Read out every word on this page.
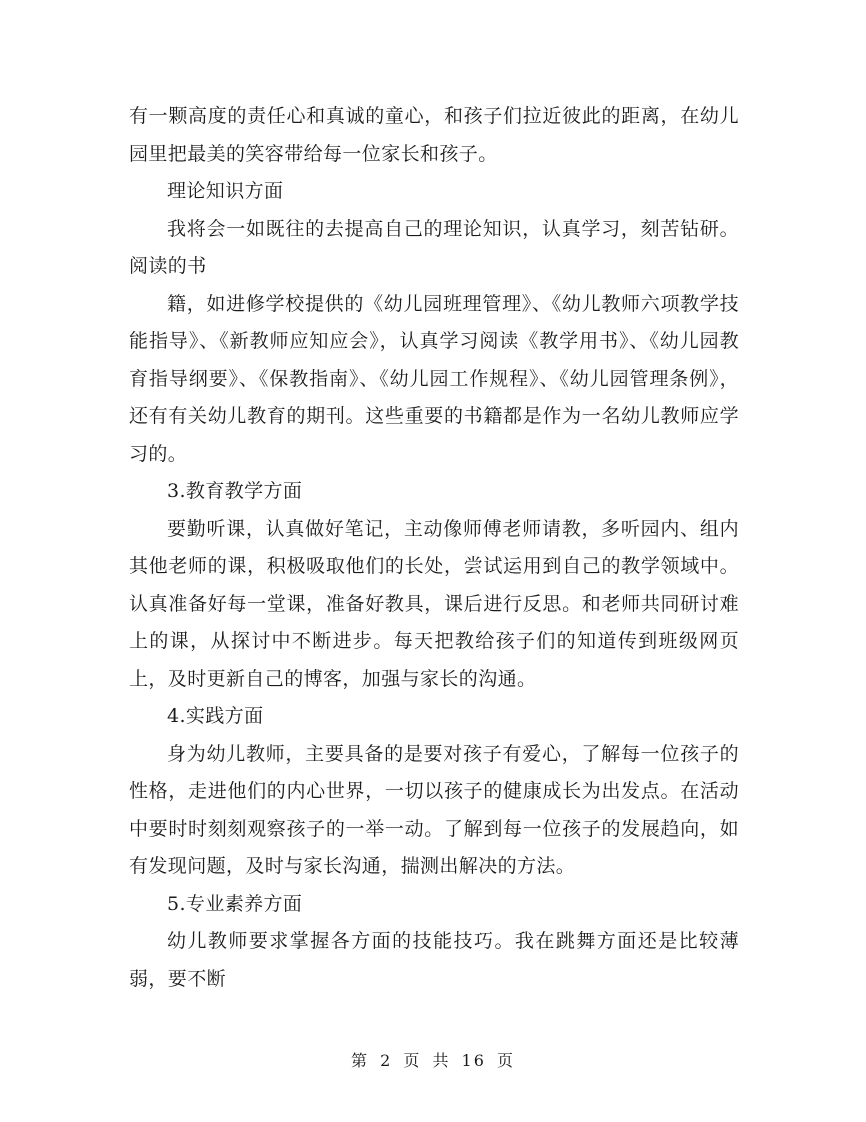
有一颗高度的责任心和真诚的童心，和孩子们拉近彼此的距离，在幼儿园里把最美的笑容带给每一位家长和孩子。

理论知识方面

我将会一如既往的去提高自己的理论知识，认真学习，刻苦钻研。阅读的书

籍，如进修学校提供的《幼儿园班理管理》、《幼儿教师六项教学技能指导》、《新教师应知应会》，认真学习阅读《教学用书》、《幼儿园教育指导纲要》、《保教指南》、《幼儿园工作规程》、《幼儿园管理条例》，还有有关幼儿教育的期刊。这些重要的书籍都是作为一名幼儿教师应学习的。

3.教育教学方面

要勤听课，认真做好笔记，主动像师傅老师请教，多听园内、组内其他老师的课，积极吸取他们的长处，尝试运用到自己的教学领域中。认真准备好每一堂课，准备好教具，课后进行反思。和老师共同研讨难上的课，从探讨中不断进步。每天把教给孩子们的知道传到班级网页上，及时更新自己的博客，加强与家长的沟通。

4.实践方面

身为幼儿教师，主要具备的是要对孩子有爱心，了解每一位孩子的性格，走进他们的内心世界，一切以孩子的健康成长为出发点。在活动中要时时刻刻观察孩子的一举一动。了解到每一位孩子的发展趋向，如有发现问题，及时与家长沟通，揣测出解决的方法。

5.专业素养方面

幼儿教师要求掌握各方面的技能技巧。我在跳舞方面还是比较薄弱，要不断

第 2 页 共 16 页
